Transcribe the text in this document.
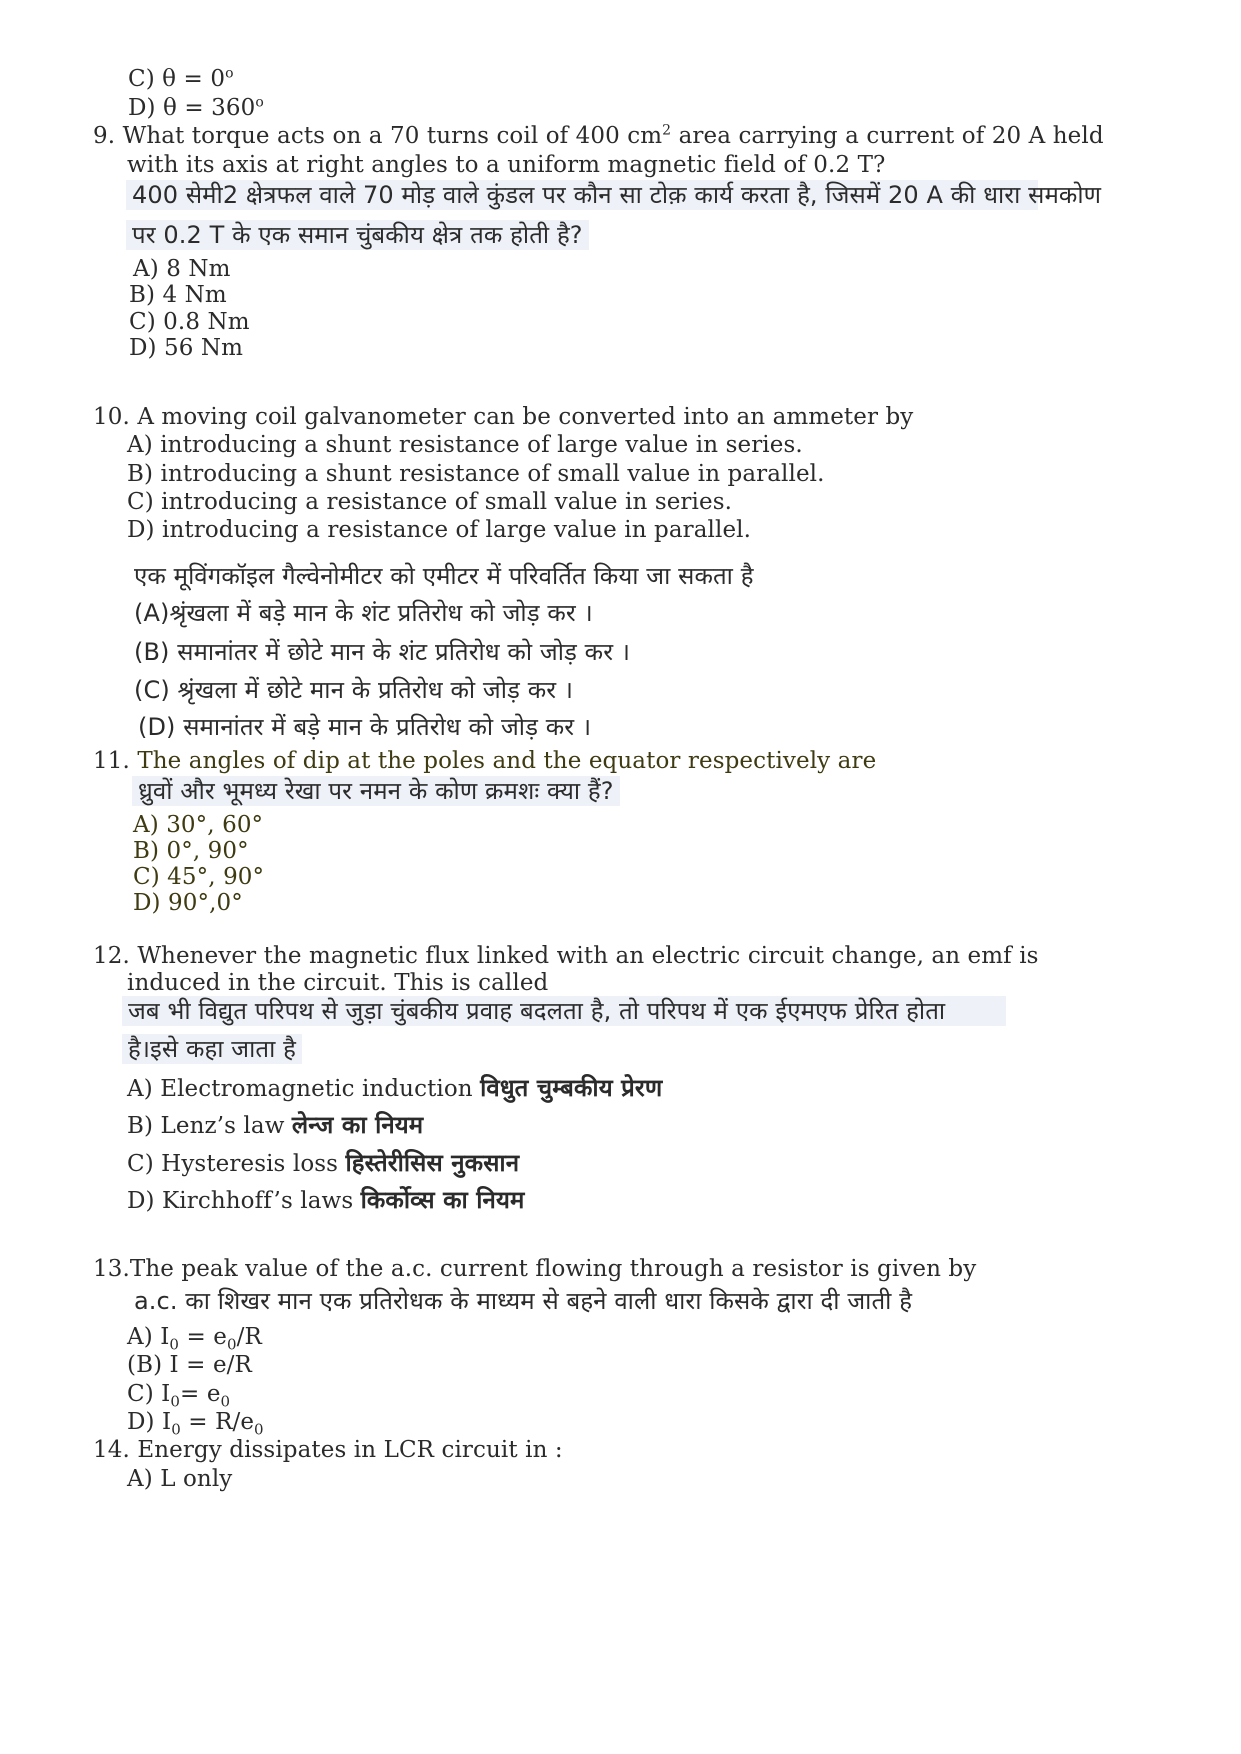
C) $\theta = 0^o$
D) $\theta = 360^o$
9. What torque acts on a 70 turns coil of 400 $cm^2$ area carrying a current of 20 A held
with its axis at right angles to a uniform magnetic field of 0.2 T?
400 सेमी2 क्षेत्रफल वाले 70 मोड़ वाले कुंडल पर कौन सा टोक़ कार्य करता है, जिसमें 20 A की धारा समकोण
पर 0.2 T के एक समान चुंबकीय क्षेत्र तक होती है?
A) 8 Nm
B) 4 Nm
C) 0.8 Nm
D) 56 Nm
10. A moving coil galvanometer can be converted into an ammeter by
A) introducing a shunt resistance of large value in series.
B) introducing a shunt resistance of small value in parallel.
C) introducing a resistance of small value in series.
D) introducing a resistance of large value in parallel.
एक मूविंगकॉइल गैल्वेनोमीटर को एमीटर में परिवर्तित किया जा सकता है
(A)श्रृंखला में बड़े मान के शंट प्रतिरोध को जोड़ कर ।
(B) समानांतर में छोटे मान के शंट प्रतिरोध को जोड़ कर ।
(C) श्रृंखला में छोटे मान के प्रतिरोध को जोड़ कर ।
(D) समानांतर में बड़े मान के प्रतिरोध को जोड़ कर ।
11. The angles of dip at the poles and the equator respectively are
ध्रुवों और भूमध्य रेखा पर नमन के कोण क्रमशः क्या हैं?
A) 30°, 60°
B) 0°, 90°
C) 45°, 90°
D) 90°,0°
12. Whenever the magnetic flux linked with an electric circuit change, an emf is
induced in the circuit. This is called
जब भी विद्युत परिपथ से जुड़ा चुंबकीय प्रवाह बदलता है, तो परिपथ में एक ईएमएफ प्रेरित होता
है।इसे कहा जाता है
A) Electromagnetic induction विधुत चुम्बकीय प्रेरण
B) Lenz’s law लेन्ज का नियम
C) Hysteresis loss हिस्तेरीसिस नुकसान
D) Kirchhoff’s laws किर्कोव्स का नियम
13.The peak value of the a.c. current flowing through a resistor is given by
a.c. का शिखर मान एक प्रतिरोधक के माध्यम से बहने वाली धारा किसके द्वारा दी जाती है
A) $I_0 = e_0/R$
(B) I = e/R
C) $I_0= e_0$
D) $I_0 = R/e_0$
14. Energy dissipates in LCR circuit in :
A) L only
